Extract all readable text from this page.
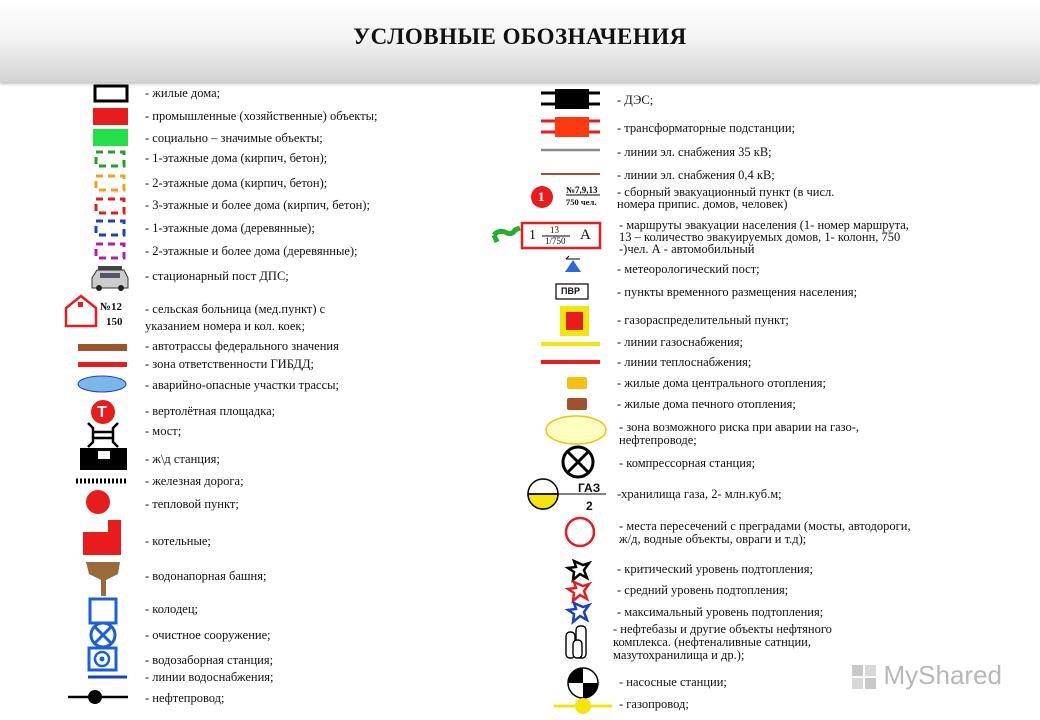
УСЛОВНЫЕ ОБОЗНАЧЕНИЯ
Т
№12
150
- жилые дома;
- промышленные (хозяйственные) объекты;
- социально – значимые объекты;
- 1-этажные дома (кирпич, бетон);
- 2-этажные дома (кирпич, бетон);
- 3-этажные и более дома (кирпич, бетон);
- 1-этажные дома (деревянные);
- 2-этажные и более дома (деревянные);
- стационарный пост ДПС;
- сельская больница (мед.пункт) с
указанием номера и кол. коек;
- автотрассы федерального значения
- зона ответственности ГИБДД;
- аварийно-опасные участки трассы;
- вертолётная площадка;
- мост;
- ж\д станция;
- железная дорога;
- тепловой пункт;
- котельные;
- водонапорная башня;
- колодец;
- очистное сооружение;
- водозаборная станция;
- линии водоснабжения;
- нефтепровод;
1 №7,9,13
750 чел.
1 13
1/750 А
ПВР
ГАЗ
2
- ДЭС;
- трансформаторные подстанции;
- линии эл. снабжения 35 кВ;
- линии эл. снабжения 0,4 кВ;
- сборный эвакуационный пункт (в числ.
номера припис. домов, человек)
- маршруты эвакуации населения (1- номер маршрута,
13 – количество эвакуируемых домов, 1- колонн, 750
-)чел. А - автомобильный
- метеорологический пост;
- пункты временного размещения населения;
- газораспределительный пункт;
- линии газоснабжения;
- линии теплоснабжения;
- жилые дома центрального отопления;
- жилые дома печного отопления;
- зона возможного риска при аварии на газо-,
нефтепроводе;
- компрессорная станция;
-хранилища газа, 2- млн.куб.м;
- места пересечений с преградами (мосты, автодороги,
ж/д, водные объекты, овраги и т.д);
- критический уровень подтопления;
- средний уровень подтопления;
- максимальный уровень подтопления;
- нефтебазы и другие объекты нефтяного
комплекса. (нефтеналивные сатнции,
мазутохранилища и др.);
- насосные станции;
- газопровод;
MyShared
